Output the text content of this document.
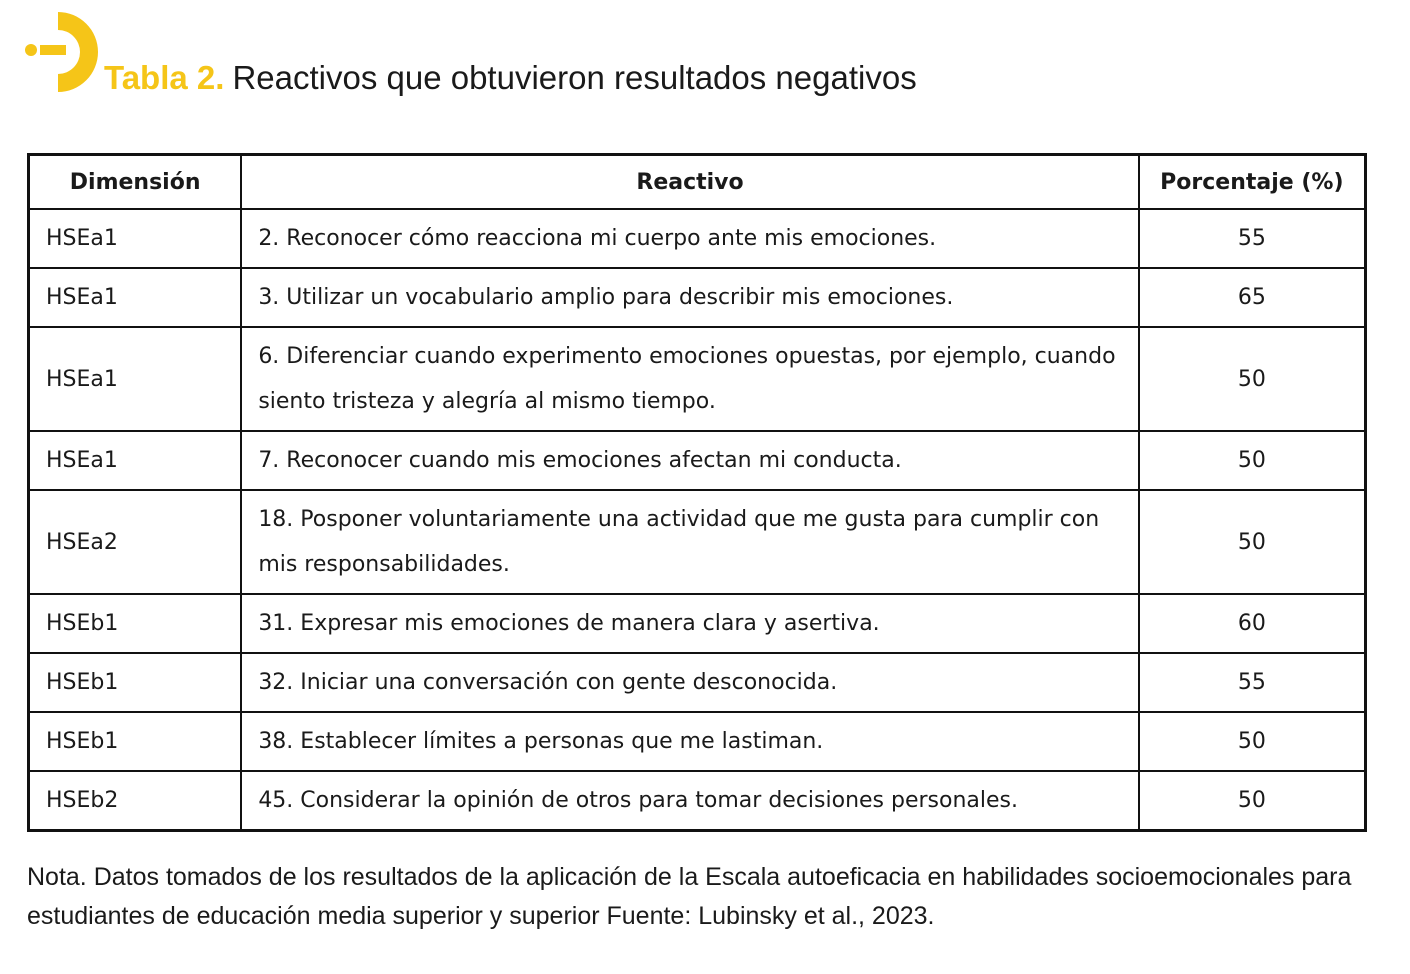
Tabla 2. Reactivos que obtuvieron resultados negativos
Dimensión	Reactivo	Porcentaje (%)
HSEa1	2. Reconocer cómo reacciona mi cuerpo ante mis emociones.	55
HSEa1	3. Utilizar un vocabulario amplio para describir mis emociones.	65
HSEa1	6. Diferenciar cuando experimento emociones opuestas, por ejemplo, cuando siento tristeza y alegría al mismo tiempo.	50
HSEa1	7. Reconocer cuando mis emociones afectan mi conducta.	50
HSEa2	18. Posponer voluntariamente una actividad que me gusta para cumplir con mis responsabilidades.	50
HSEb1	31. Expresar mis emociones de manera clara y asertiva.	60
HSEb1	32. Iniciar una conversación con gente desconocida.	55
HSEb1	38. Establecer límites a personas que me lastiman.	50
HSEb2	45. Considerar la opinión de otros para tomar decisiones personales.	50
Nota. Datos tomados de los resultados de la aplicación de la Escala autoeficacia en habilidades socioemocionales para estudiantes de educación media superior y superior Fuente: Lubinsky et al., 2023.
